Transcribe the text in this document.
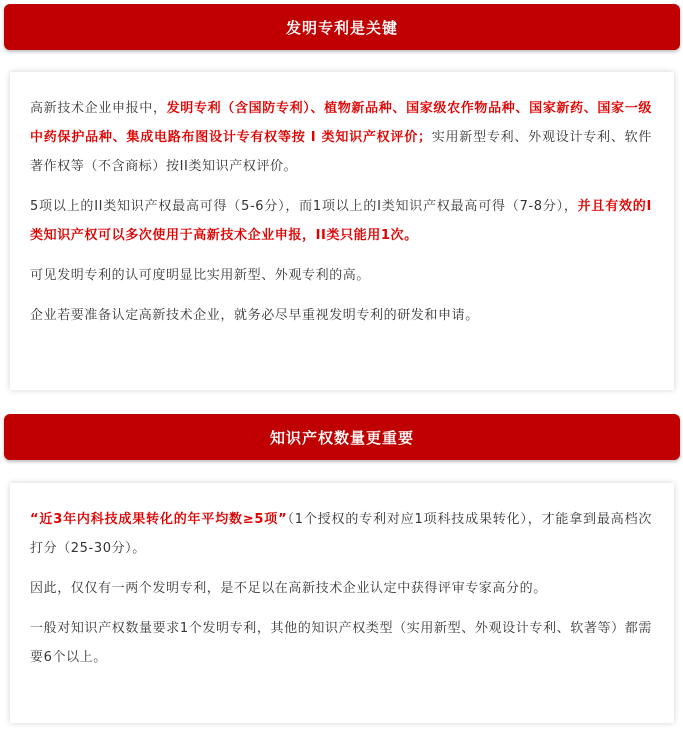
发明专利是关键

高新技术企业申报中，发明专利（含国防专利）、植物新品种、国家级农作物品种、国家新药、国家一级中药保护品种、集成电路布图设计专有权等按 I 类知识产权评价；实用新型专利、外观设计专利、软件著作权等（不含商标）按II类知识产权评价。

5项以上的II类知识产权最高可得（5-6分），而1项以上的I类知识产权最高可得（7-8分），并且有效的I类知识产权可以多次使用于高新技术企业申报，II类只能用1次。

可见发明专利的认可度明显比实用新型、外观专利的高。

企业若要准备认定高新技术企业，就务必尽早重视发明专利的研发和申请。

知识产权数量更重要

“近3年内科技成果转化的年平均数≥5项”（1个授权的专利对应1项科技成果转化），才能拿到最高档次打分（25-30分）。

因此，仅仅有一两个发明专利，是不足以在高新技术企业认定中获得评审专家高分的。

一般对知识产权数量要求1个发明专利，其他的知识产权类型（实用新型、外观设计专利、软著等）都需要6个以上。
